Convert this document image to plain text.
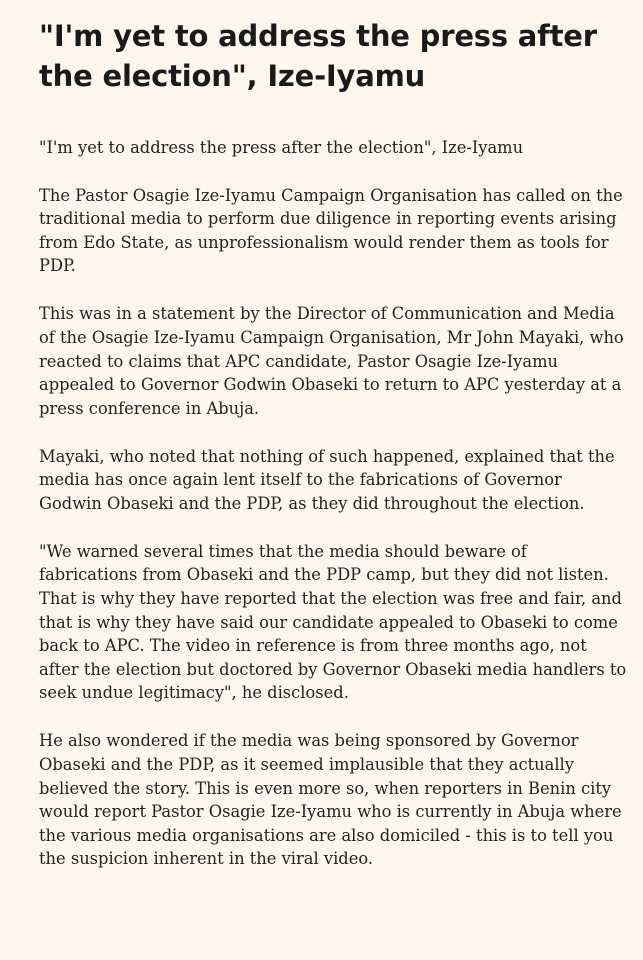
"I'm yet to address the press after
the election", Ize-Iyamu

"I'm yet to address the press after the election", Ize-Iyamu

The Pastor Osagie Ize-Iyamu Campaign Organisation has called on the traditional media to perform due diligence in reporting events arising from Edo State, as unprofessionalism would render them as tools for PDP.

This was in a statement by the Director of Communication and Media of the Osagie Ize-Iyamu Campaign Organisation, Mr John Mayaki, who reacted to claims that APC candidate, Pastor Osagie Ize-Iyamu appealed to Governor Godwin Obaseki to return to APC yesterday at a press conference in Abuja.

Mayaki, who noted that nothing of such happened, explained that the media has once again lent itself to the fabrications of Governor Godwin Obaseki and the PDP, as they did throughout the election.

"We warned several times that the media should beware of fabrications from Obaseki and the PDP camp, but they did not listen. That is why they have reported that the election was free and fair, and that is why they have said our candidate appealed to Obaseki to come back to APC. The video in reference is from three months ago, not after the election but doctored by Governor Obaseki media handlers to seek undue legitimacy", he disclosed.

He also wondered if the media was being sponsored by Governor Obaseki and the PDP, as it seemed implausible that they actually believed the story. This is even more so, when reporters in Benin city would report Pastor Osagie Ize-Iyamu who is currently in Abuja where the various media organisations are also domiciled - this is to tell you the suspicion inherent in the viral video.
